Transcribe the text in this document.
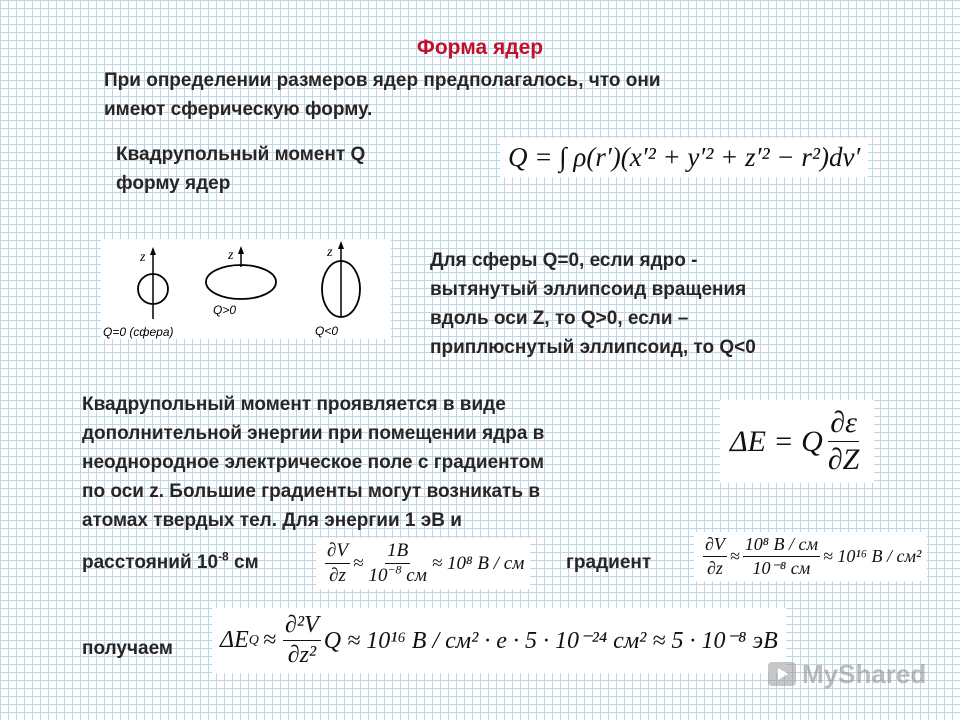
Форма ядер
При определении размеров ядер предполагалось, что они
имеют сферическую форму.
Квадрупольный момент Q
форму ядер
Q = ∫ ρ(r′)(x′² + y′² + z′² − r²)dv′
z
Q=0 (сфера)
z
Q>0
z
Q<0
Для сферы Q=0, если ядро -
вытянутый эллипсоид вращения
вдоль оси Z, то Q>0, если –
приплюснутый эллипсоид, то Q<0
Квадрупольный момент проявляется в виде
дополнительной энергии при помещении ядра в
неоднородное электрическое поле с градиентом
по оси z. Большие градиенты могут возникать в
атомах твердых тел. Для энергии 1 эВ и
ΔE = Q $\frac{\partial\varepsilon}{\partial Z}$
расстояний $10^{-8}$ см	$\frac{\partial V}{\partial z} \approx \frac{1B}{10^{-8} см} \approx 10^8$ B / см градиент	$\frac{\partial V}{\partial z} \approx \frac{\text{10⁸ B / см}}{\text{10⁻⁸ см}} \approx 10^{16}$ B / см²
получаем ΔE $Q \approx \frac{\text{∂²V}}{\text{∂z²}}$ Q ≈ 10¹⁶ B / см² · e · 5 · 10⁻²⁴ см² ≈ 5 · 10⁻⁸ эВ
MyShared
